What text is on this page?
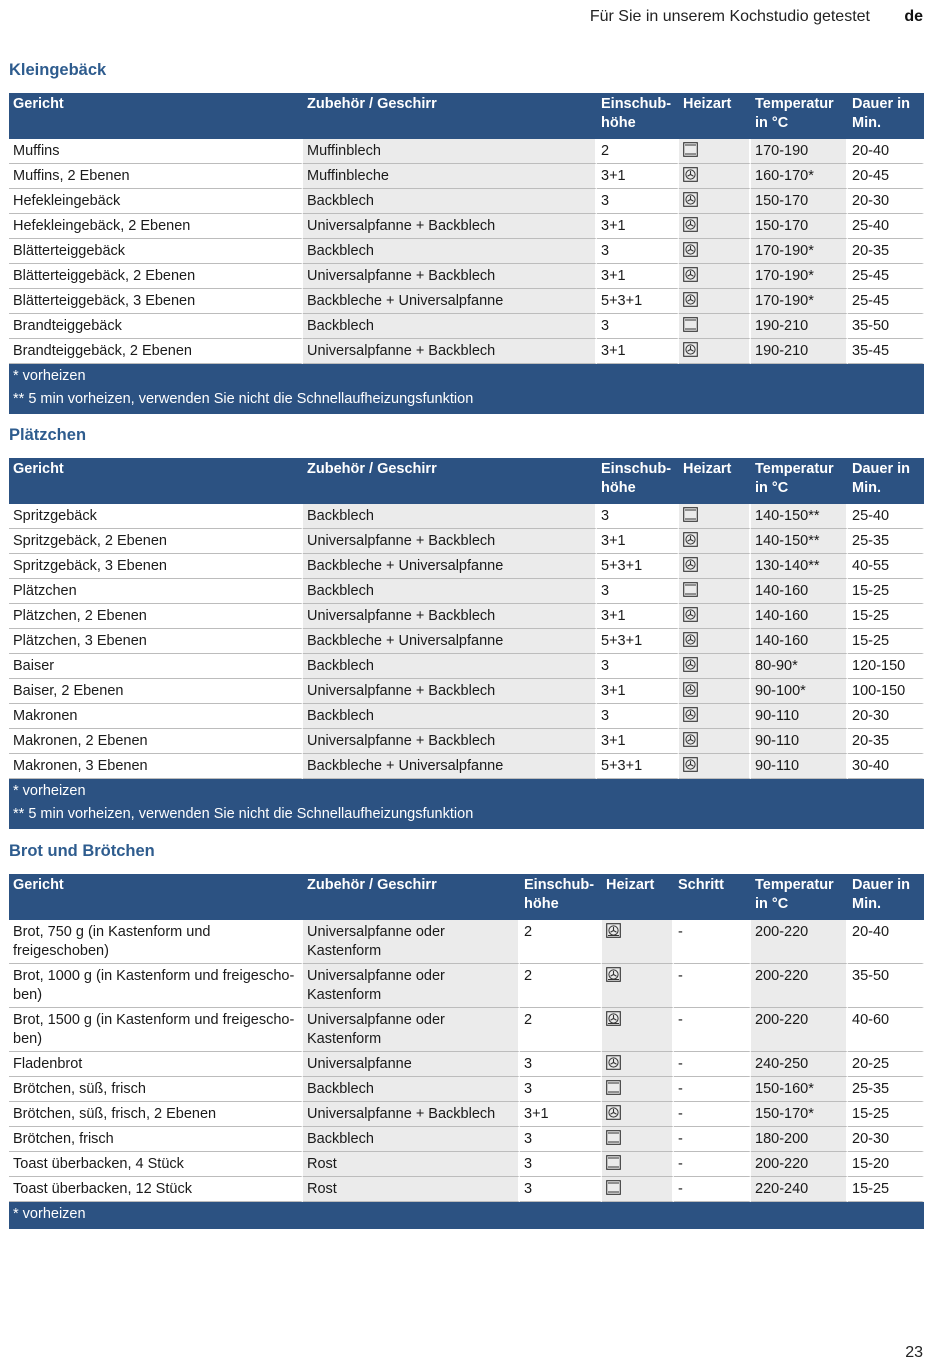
Für Sie in unserem Kochstudio getestet de
Kleingebäck
Gericht	Zubehör / Geschirr	Einschub-höhe	Heizart	Temperatur in °C	Dauer in Min.
Muffins	Muffinblech	2		170-190	20-40
Muffins, 2 Ebenen	Muffinbleche	3+1		160-170*	20-45
Hefekleingebäck	Backblech	3		150-170	20-30
Hefekleingebäck, 2 Ebenen	Universalpfanne + Backblech	3+1		150-170	25-40
Blätterteiggebäck	Backblech	3		170-190*	20-35
Blätterteiggebäck, 2 Ebenen	Universalpfanne + Backblech	3+1		170-190*	25-45
Blätterteiggebäck, 3 Ebenen	Backbleche + Universalpfanne	5+3+1		170-190*	25-45
Brandteiggebäck	Backblech	3		190-210	35-50
Brandteiggebäck, 2 Ebenen	Universalpfanne + Backblech	3+1		190-210	35-45

* vorheizen
** 5 min vorheizen, verwenden Sie nicht die Schnellaufheizungsfunktion					
Plätzchen
Gericht	Zubehör / Geschirr	Einschub-höhe	Heizart	Temperatur in °C	Dauer in Min.
Spritzgebäck	Backblech	3		140-150**	25-40
Spritzgebäck, 2 Ebenen	Universalpfanne + Backblech	3+1		140-150**	25-35
Spritzgebäck, 3 Ebenen	Backbleche + Universalpfanne	5+3+1		130-140**	40-55
Plätzchen	Backblech	3		140-160	15-25
Plätzchen, 2 Ebenen	Universalpfanne + Backblech	3+1		140-160	15-25
Plätzchen, 3 Ebenen	Backbleche + Universalpfanne	5+3+1		140-160	15-25
Baiser	Backblech	3		80-90*	120-150
Baiser, 2 Ebenen	Universalpfanne + Backblech	3+1		90-100*	100-150
Makronen	Backblech	3		90-110	20-30
Makronen, 2 Ebenen	Universalpfanne + Backblech	3+1		90-110	20-35
Makronen, 3 Ebenen	Backbleche + Universalpfanne	5+3+1		90-110	30-40

* vorheizen
** 5 min vorheizen, verwenden Sie nicht die Schnellaufheizungsfunktion					
Brot und Brötchen
Gericht	Zubehör / Geschirr	Einschub-höhe	Heizart	Schritt	Temperatur in °C	Dauer in Min.
Brot, 750 g (in Kastenform und freigeschoben)	Universalpfanne oder Kastenform	2		-	200-220	20-40
Brot, 1000 g (in Kastenform und freigescho-ben)	Universalpfanne oder Kastenform	2		-	200-220	35-50
Brot, 1500 g (in Kastenform und freigescho-ben)	Universalpfanne oder Kastenform	2		-	200-220	40-60
Fladenbrot	Universalpfanne	3		-	240-250	20-25
Brötchen, süß, frisch	Backblech	3		-	150-160*	25-35
Brötchen, süß, frisch, 2 Ebenen	Universalpfanne + Backblech	3+1		-	150-170*	15-25
Brötchen, frisch	Backblech	3		-	180-200	20-30
Toast überbacken, 4 Stück	Rost	3		-	200-220	15-20
Toast überbacken, 12 Stück	Rost	3		-	220-240	15-25

* vorheizen						
23
